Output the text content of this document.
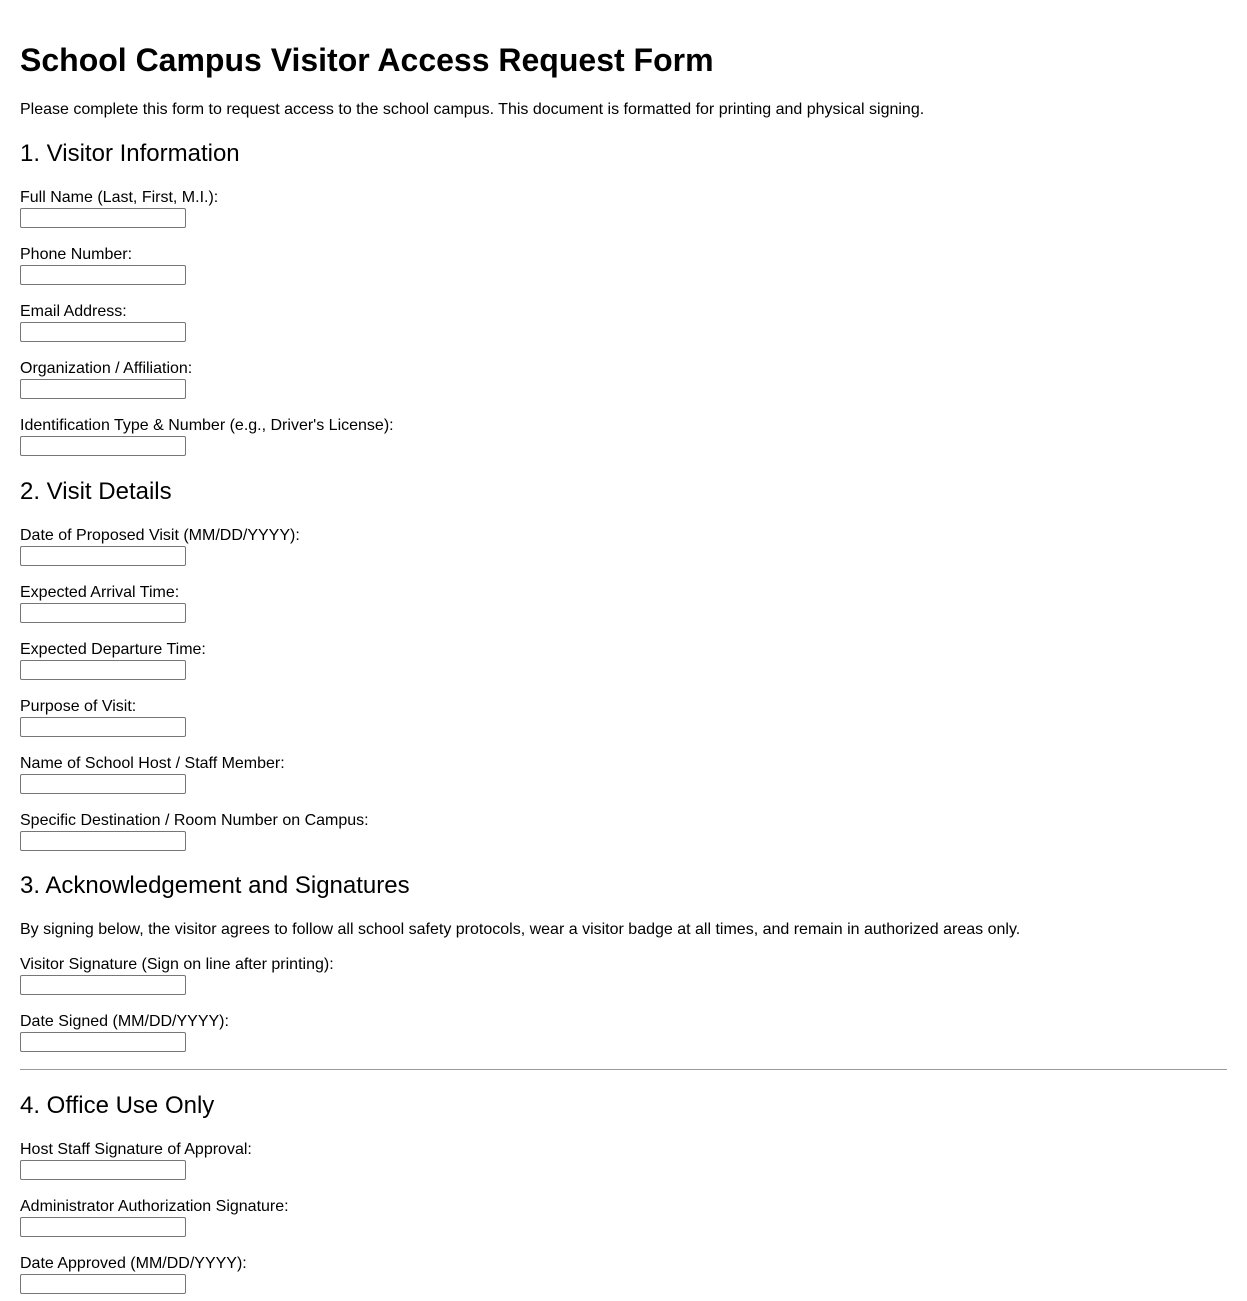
School Campus Visitor Access Request Form

Please complete this form to request access to the school campus. This document is formatted for printing and physical signing.

1. Visitor Information
Full Name (Last, First, M.I.):
Phone Number:
Email Address:
Organization / Affiliation:
Identification Type & Number (e.g., Driver's License):
2. Visit Details
Date of Proposed Visit (MM/DD/YYYY):
Expected Arrival Time:
Expected Departure Time:
Purpose of Visit:
Name of School Host / Staff Member:
Specific Destination / Room Number on Campus:
3. Acknowledgement and Signatures

By signing below, the visitor agrees to follow all school safety protocols, wear a visitor badge at all times, and remain in authorized areas only.

Visitor Signature (Sign on line after printing):
Date Signed (MM/DD/YYYY):
4. Office Use Only
Host Staff Signature of Approval:
Administrator Authorization Signature:
Date Approved (MM/DD/YYYY):
